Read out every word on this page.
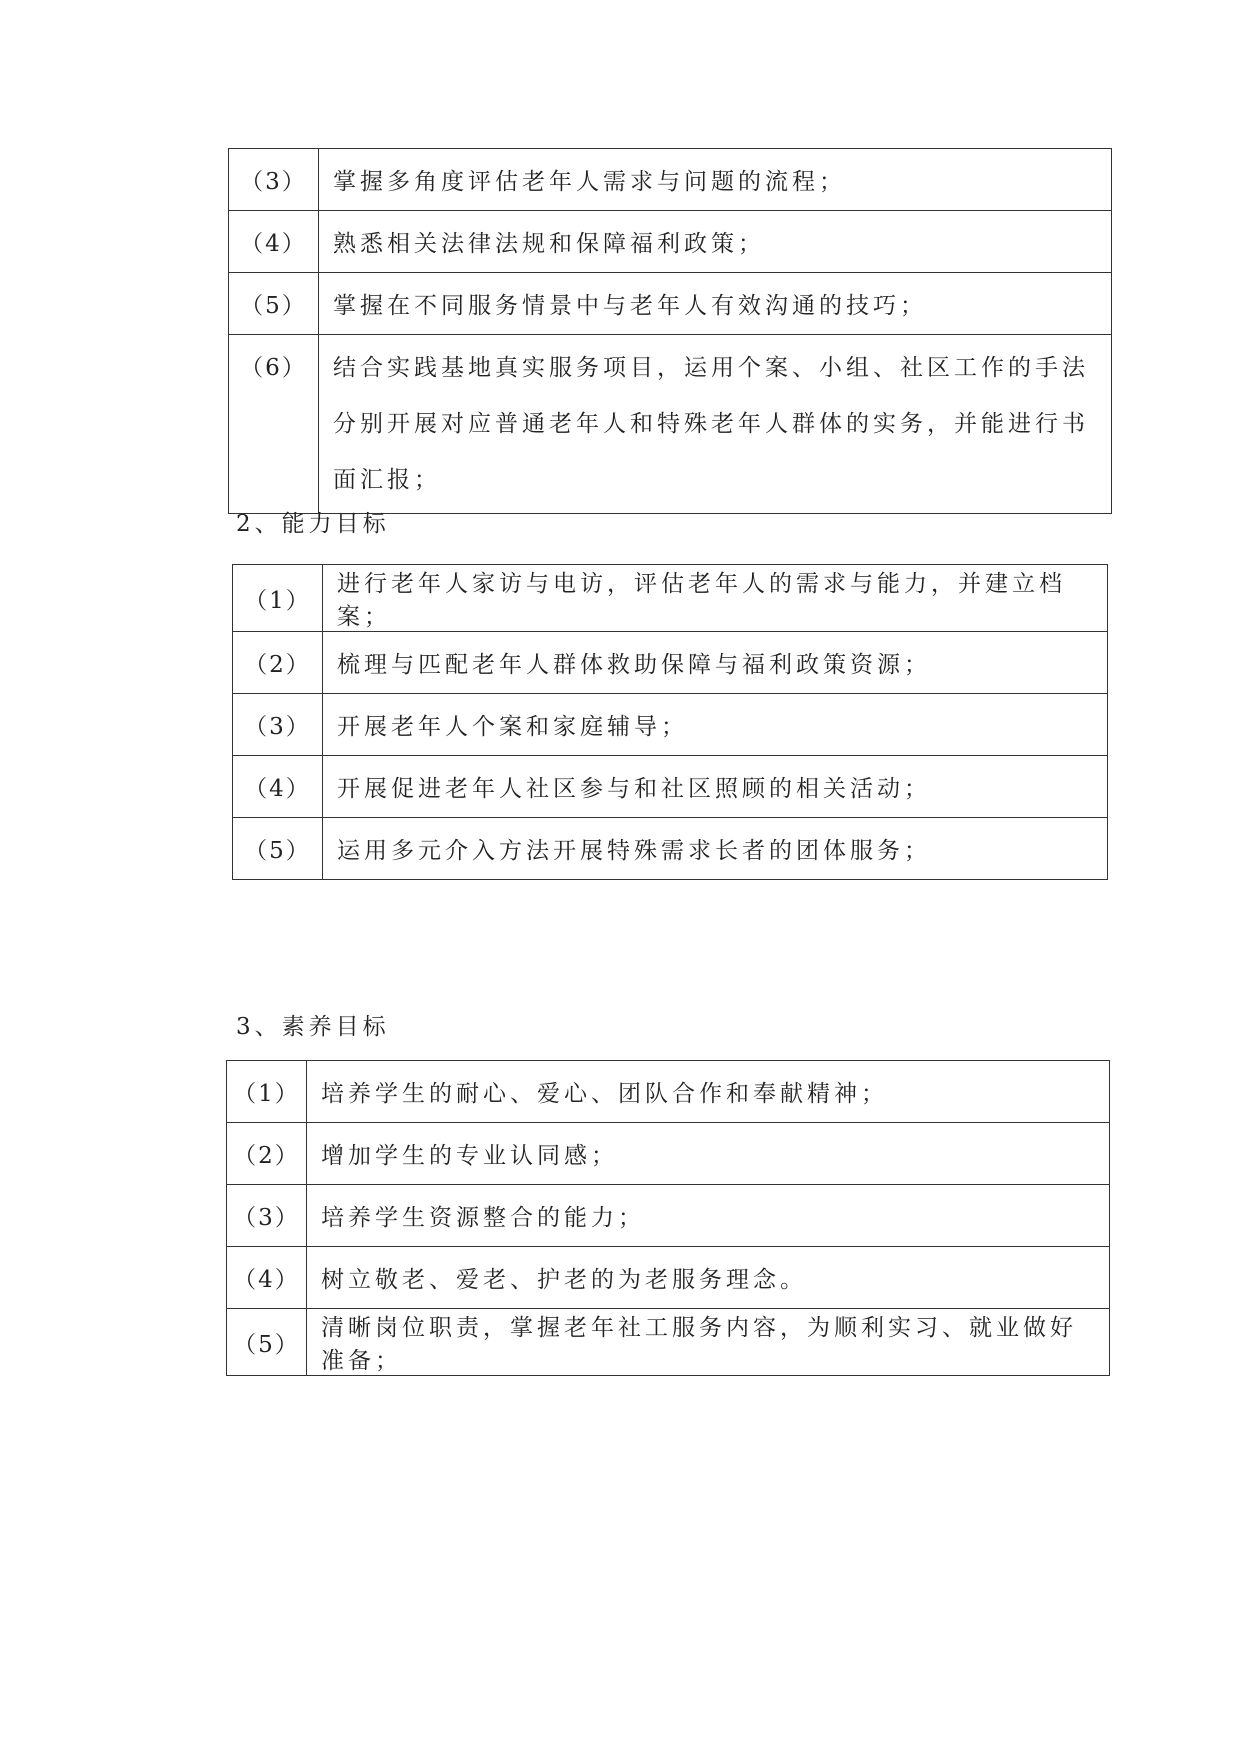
（3）	掌握多角度评估老年人需求与问题的流程；
（4）	熟悉相关法律法规和保障福利政策；
（5）	掌握在不同服务情景中与老年人有效沟通的技巧；
（6）	结合实践基地真实服务项目，运用个案、小组、社区工作的手法分别开展对应普通老年人和特殊老年人群体的实务，并能进行书面汇报；
2、能力目标
（1）	进行老年人家访与电访，评估老年人的需求与能力，并建立档案；
（2）	梳理与匹配老年人群体救助保障与福利政策资源；
（3）	开展老年人个案和家庭辅导；
（4）	开展促进老年人社区参与和社区照顾的相关活动；
（5）	运用多元介入方法开展特殊需求长者的团体服务；
3、素养目标
（1）	培养学生的耐心、爱心、团队合作和奉献精神；
（2）	增加学生的专业认同感；
（3）	培养学生资源整合的能力；
（4）	树立敬老、爱老、护老的为老服务理念。
（5）	清晰岗位职责，掌握老年社工服务内容，为顺利实习、就业做好准备；
